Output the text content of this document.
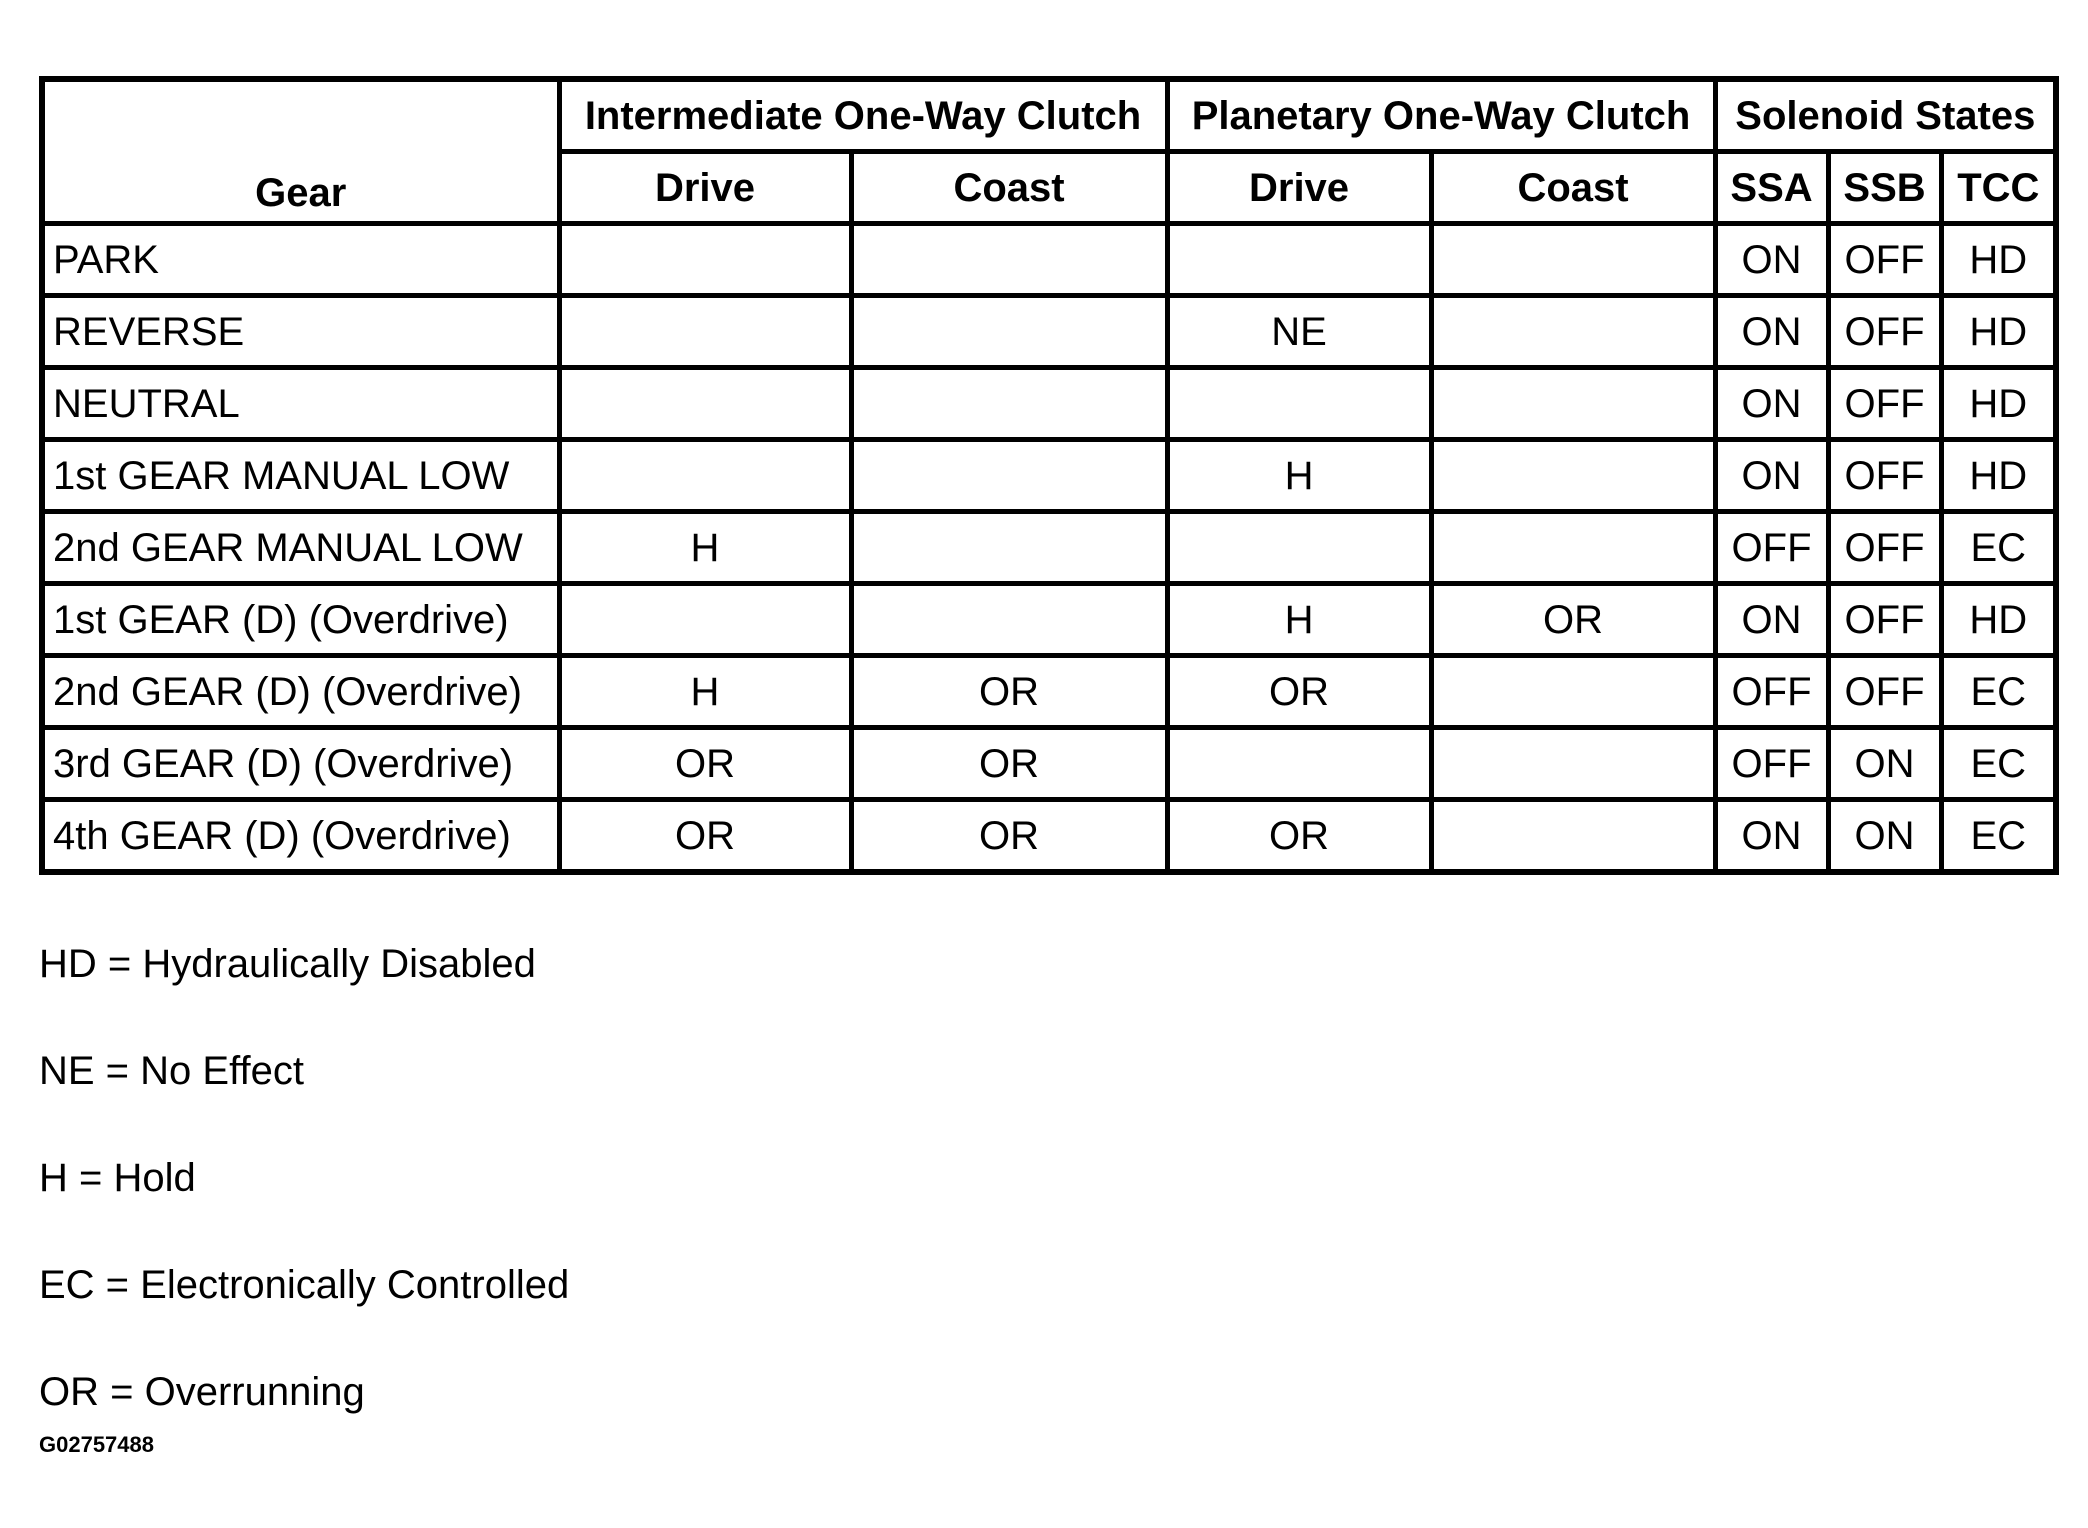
Gear	Intermediate One-Way Clutch		Planetary One-Way Clutch		Solenoid States		
	Drive	Coast	Drive	Coast	SSA	SSB	TCC
PARK					ON	OFF	HD
REVERSE			NE		ON	OFF	HD
NEUTRAL					ON	OFF	HD
1st GEAR MANUAL LOW			H		ON	OFF	HD
2nd GEAR MANUAL LOW	H				OFF	OFF	EC
1st GEAR (D) (Overdrive)			H	OR	ON	OFF	HD
2nd GEAR (D) (Overdrive)	H	OR	OR		OFF	OFF	EC
3rd GEAR (D) (Overdrive)	OR	OR			OFF	ON	EC
4th GEAR (D) (Overdrive)	OR	OR	OR		ON	ON	EC
HD = Hydraulically Disabled
NE = No Effect
H = Hold
EC = Electronically Controlled
OR = Overrunning
G02757488
